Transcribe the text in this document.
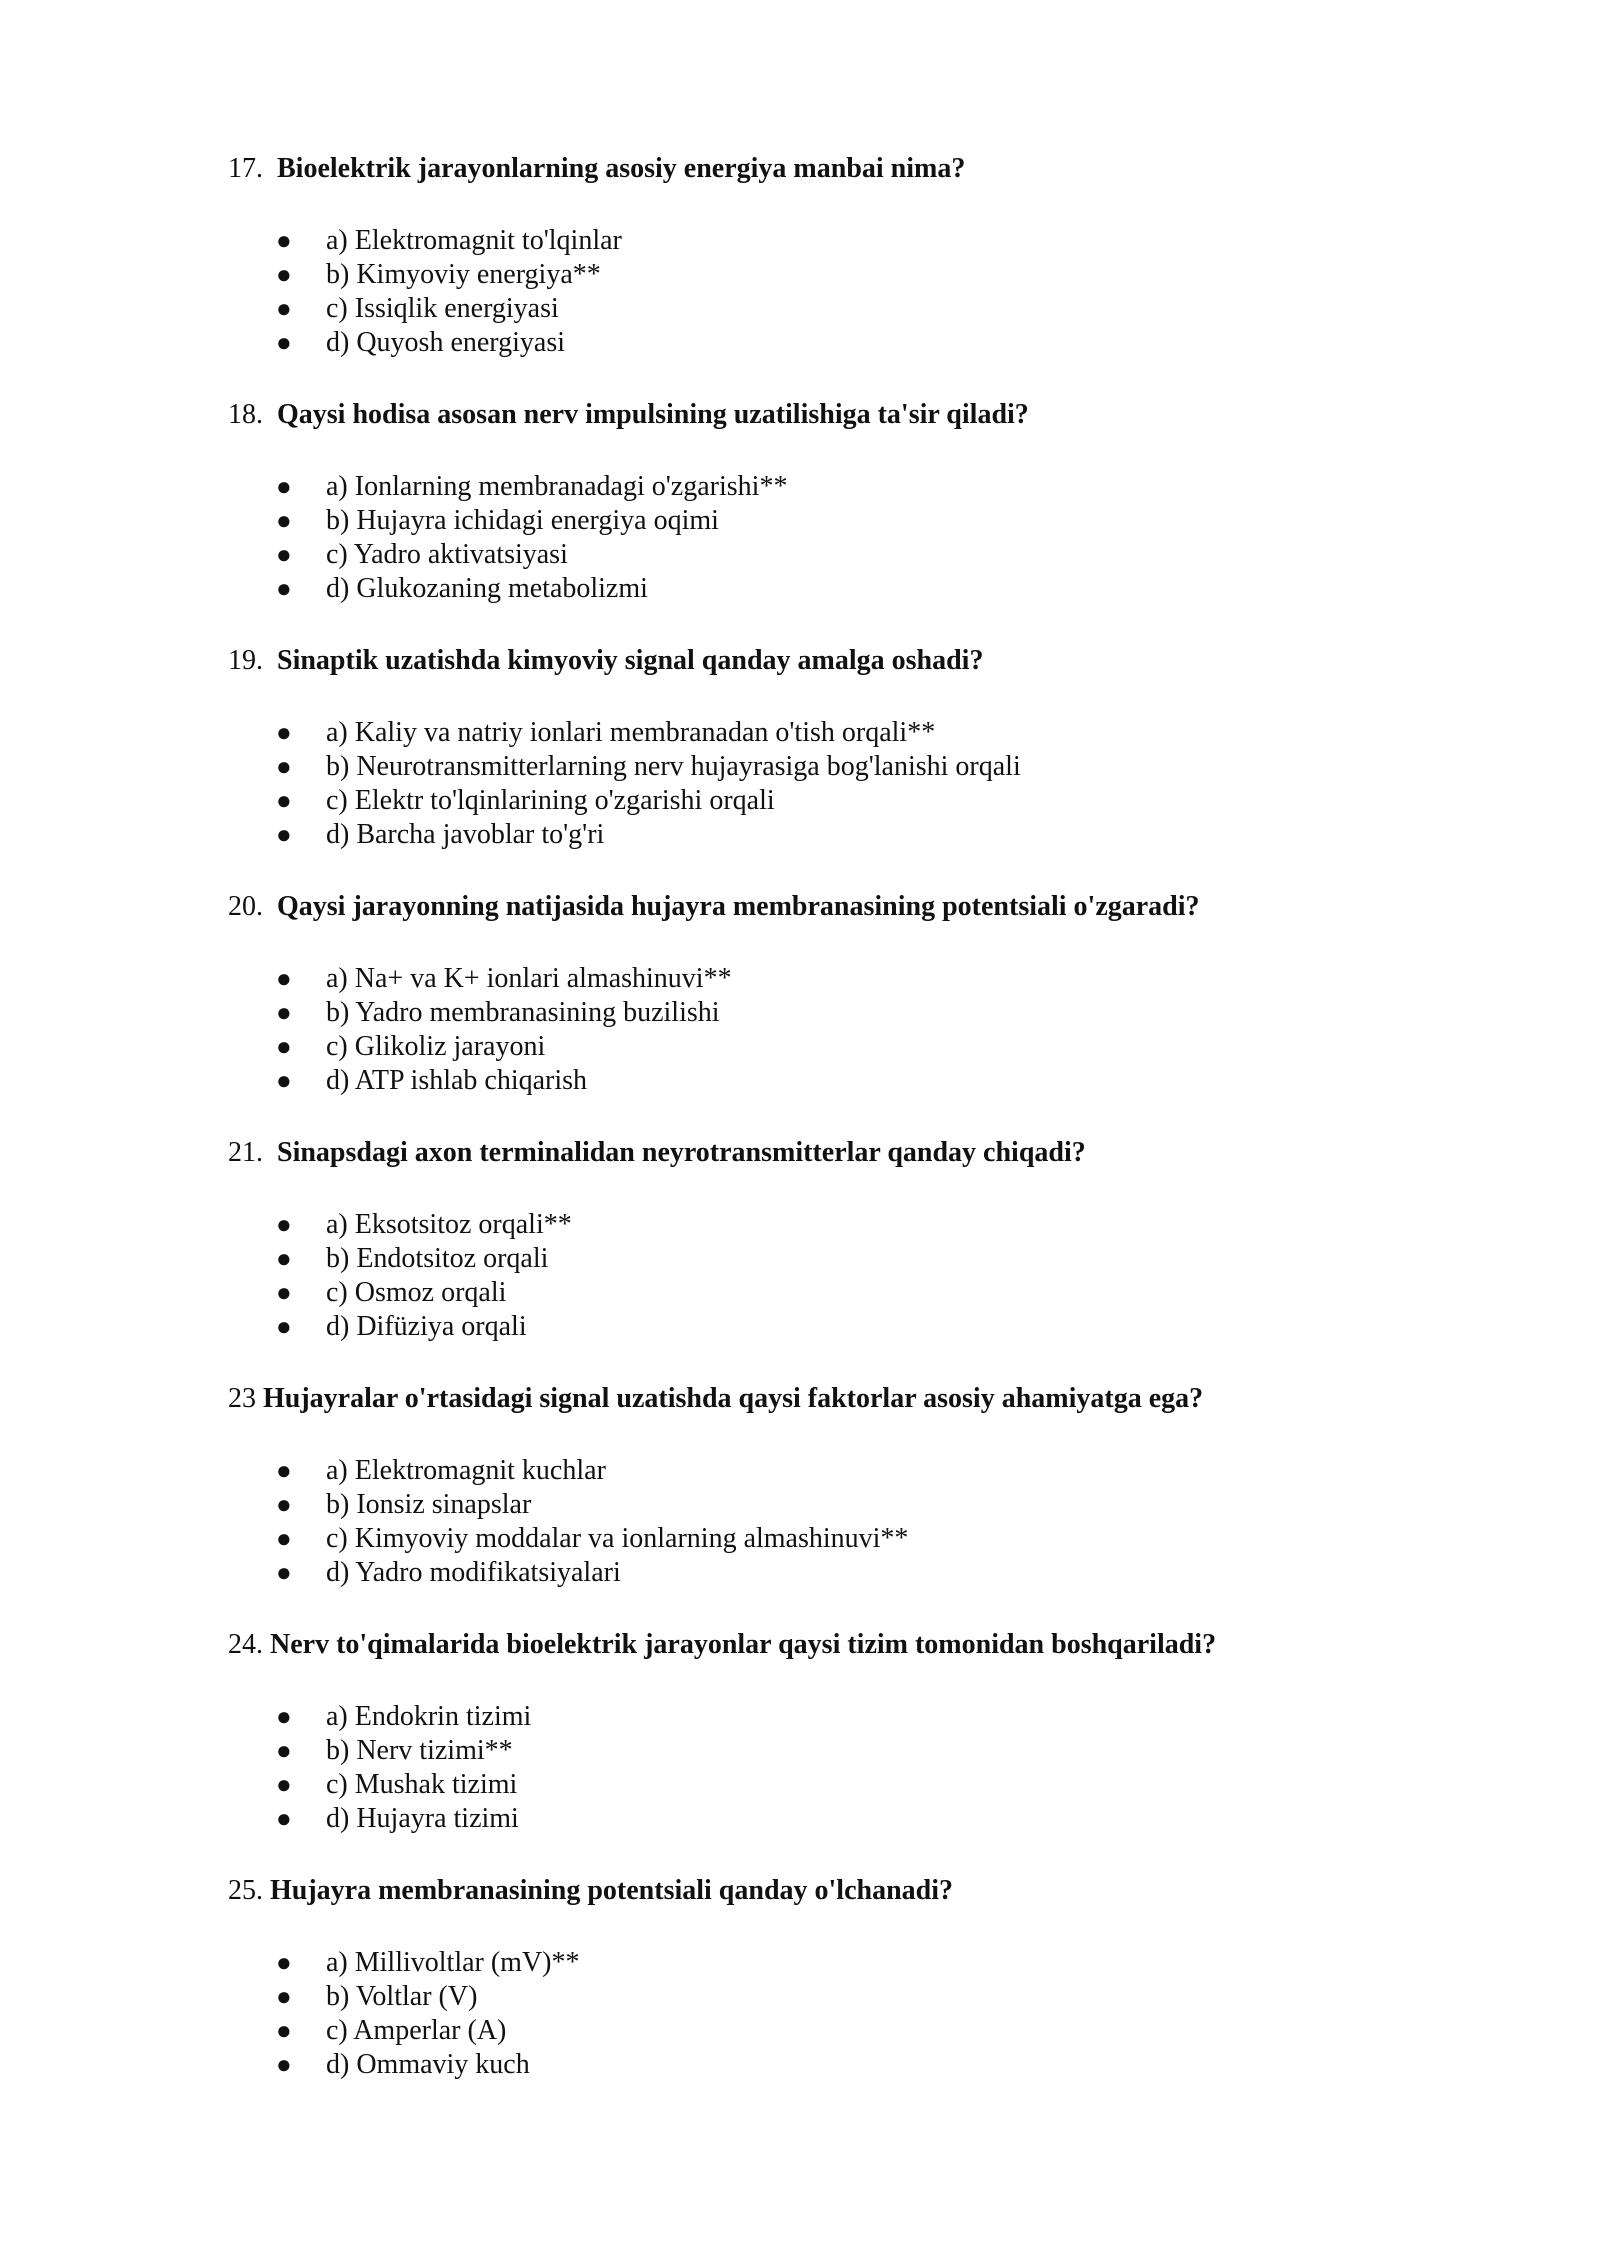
17. Bioelektrik jarayonlarning asosiy energiya manbai nima?

● a) Elektromagnit to'lqinlar
● b) Kimyoviy energiya**
● c) Issiqlik energiyasi
● d) Quyosh energiyasi

18. Qaysi hodisa asosan nerv impulsining uzatilishiga ta'sir qiladi?

● a) Ionlarning membranadagi o'zgarishi**
● b) Hujayra ichidagi energiya oqimi
● c) Yadro aktivatsiyasi
● d) Glukozaning metabolizmi

19. Sinaptik uzatishda kimyoviy signal qanday amalga oshadi?

● a) Kaliy va natriy ionlari membranadan o'tish orqali**
● b) Neurotransmitterlarning nerv hujayrasiga bog'lanishi orqali
● c) Elektr to'lqinlarining o'zgarishi orqali
● d) Barcha javoblar to'g'ri

20. Qaysi jarayonning natijasida hujayra membranasining potentsiali o'zgaradi?

● a) Na+ va K+ ionlari almashinuvi**
● b) Yadro membranasining buzilishi
● c) Glikoliz jarayoni
● d) ATP ishlab chiqarish

21. Sinapsdagi axon terminalidan neyrotransmitterlar qanday chiqadi?

● a) Eksotsitoz orqali**
● b) Endotsitoz orqali
● c) Osmoz orqali
● d) Difüziya orqali

23 Hujayralar o'rtasidagi signal uzatishda qaysi faktorlar asosiy ahamiyatga ega?

● a) Elektromagnit kuchlar
● b) Ionsiz sinapslar
● c) Kimyoviy moddalar va ionlarning almashinuvi**
● d) Yadro modifikatsiyalari

24. Nerv to'qimalarida bioelektrik jarayonlar qaysi tizim tomonidan boshqariladi?

● a) Endokrin tizimi
● b) Nerv tizimi**
● c) Mushak tizimi
● d) Hujayra tizimi

25. Hujayra membranasining potentsiali qanday o'lchanadi?

● a) Millivoltlar (mV)**
● b) Voltlar (V)
● c) Amperlar (A)
● d) Ommaviy kuch
